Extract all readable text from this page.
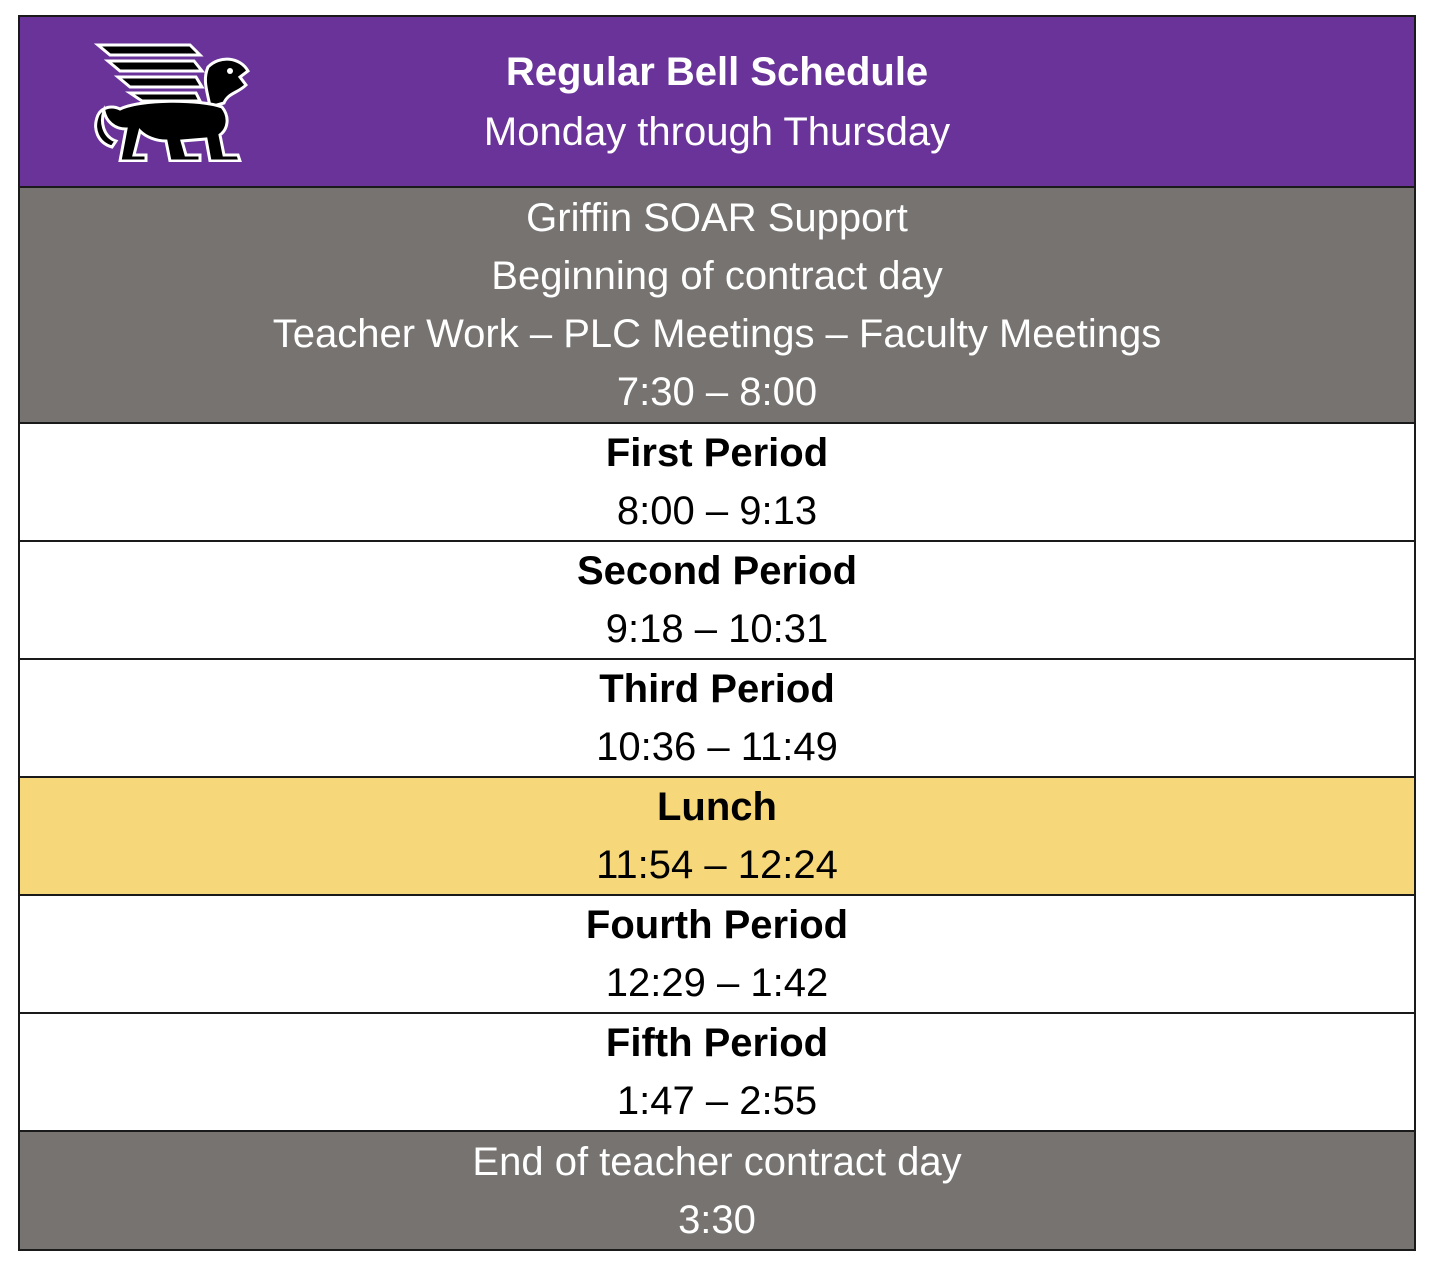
Regular Bell Schedule
Monday through Thursday
Griffin SOAR Support
Beginning of contract day
Teacher Work – PLC Meetings – Faculty Meetings
7:30 – 8:00
First Period
8:00 – 9:13
Second Period
9:18 – 10:31
Third Period
10:36 – 11:49
Lunch
11:54 – 12:24
Fourth Period
12:29 – 1:42
Fifth Period
1:47 – 2:55
End of teacher contract day
3:30
